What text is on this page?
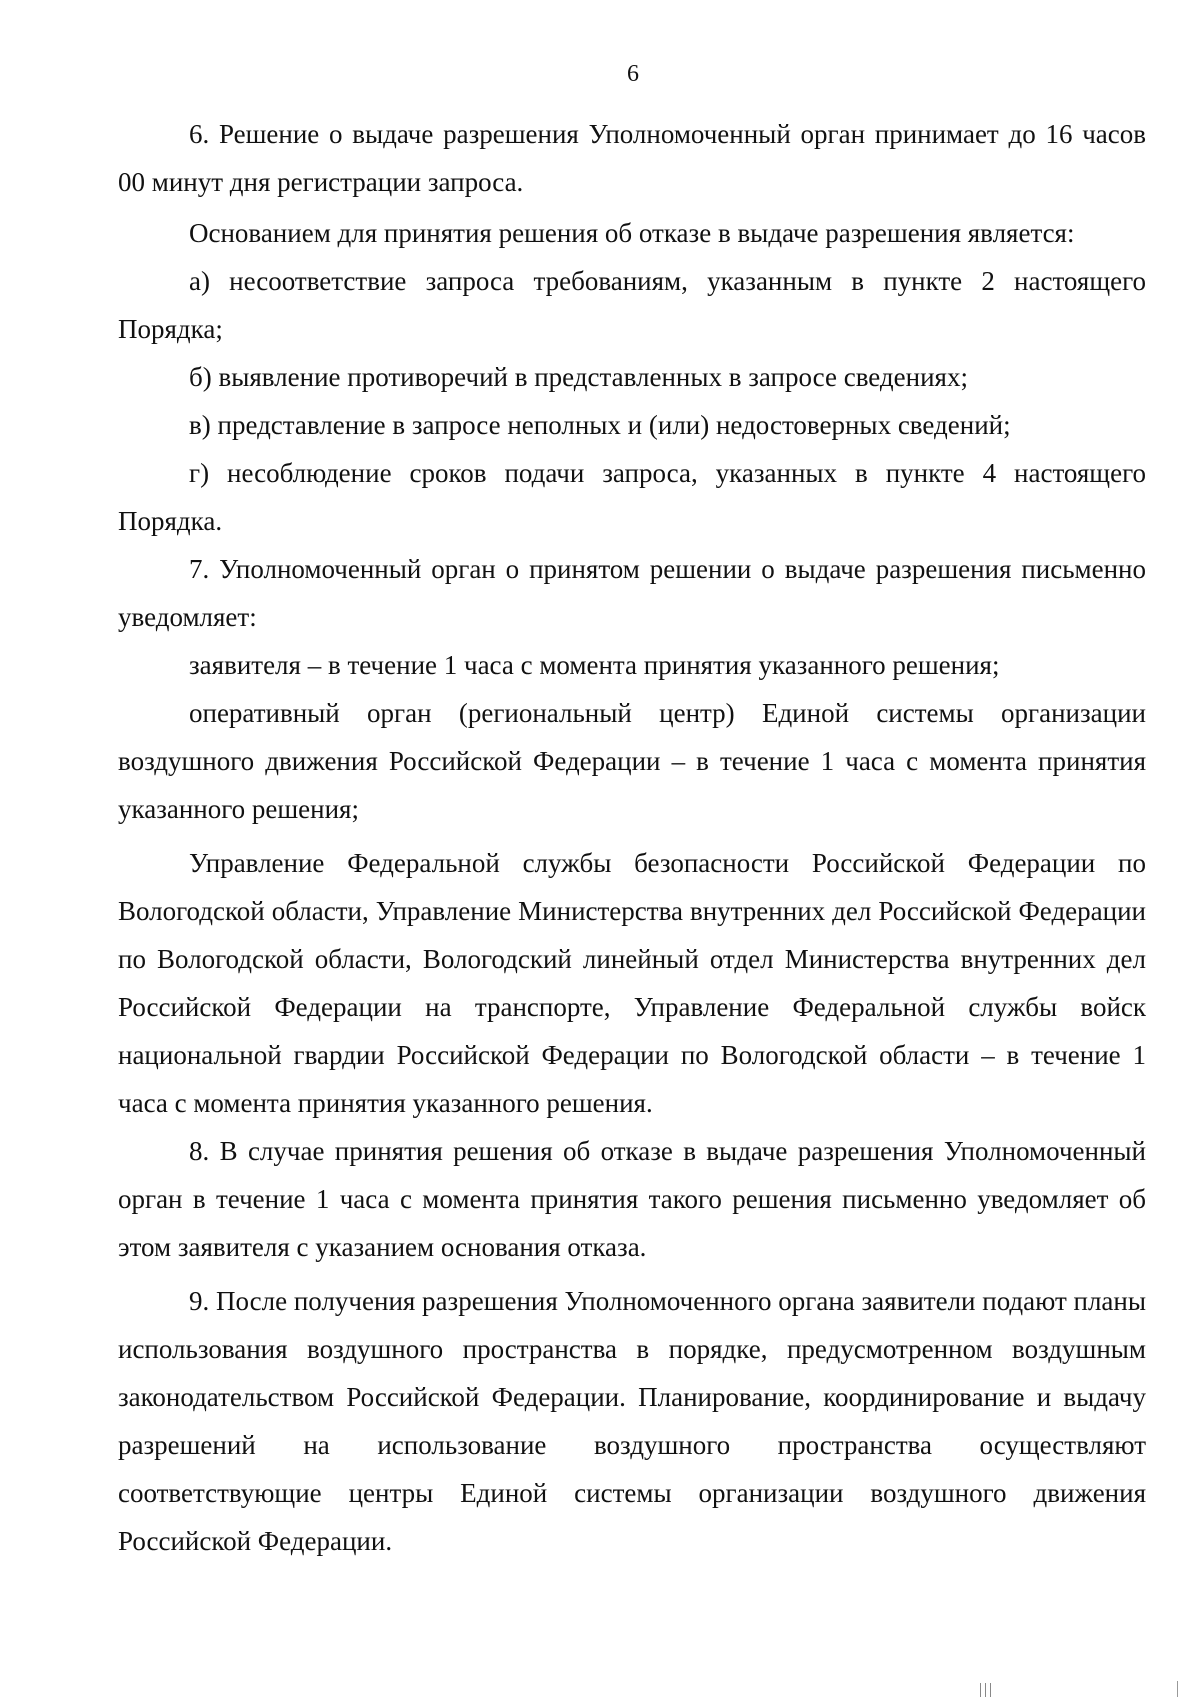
6

6. Решение о выдаче разрешения Уполномоченный орган принимает до 16 часов 00 минут дня регистрации запроса.

Основанием для принятия решения об отказе в выдаче разрешения является:

а) несоответствие запроса требованиям, указанным в пункте 2 настоящего Порядка;

б) выявление противоречий в представленных в запросе сведениях;

в) представление в запросе неполных и (или) недостоверных сведений;

г) несоблюдение сроков подачи запроса, указанных в пункте 4 настоящего Порядка.

7. Уполномоченный орган о принятом решении о выдаче разрешения письменно уведомляет:

заявителя – в течение 1 часа с момента принятия указанного решения;

оперативный орган (региональный центр) Единой системы организации воздушного движения Российской Федерации – в течение 1 часа с момента принятия указанного решения;

Управление Федеральной службы безопасности Российской Федерации по Вологодской области, Управление Министерства внутренних дел Российской Федерации по Вологодской области, Вологодский линейный отдел Министерства внутренних дел Российской Федерации на транспорте, Управление Федеральной службы войск национальной гвардии Российской Федерации по Вологодской области – в течение 1 часа с момента принятия указанного решения.

8. В случае принятия решения об отказе в выдаче разрешения Уполномоченный орган в течение 1 часа с момента принятия такого решения письменно уведомляет об этом заявителя с указанием основания отказа.

9. После получения разрешения Уполномоченного органа заявители подают планы использования воздушного пространства в порядке, предусмотренном воздушным законодательством Российской Федерации. Планирование, координирование и выдачу разрешений на использование воздушного пространства осуществляют соответствующие центры Единой системы организации воздушного движения Российской Федерации.
